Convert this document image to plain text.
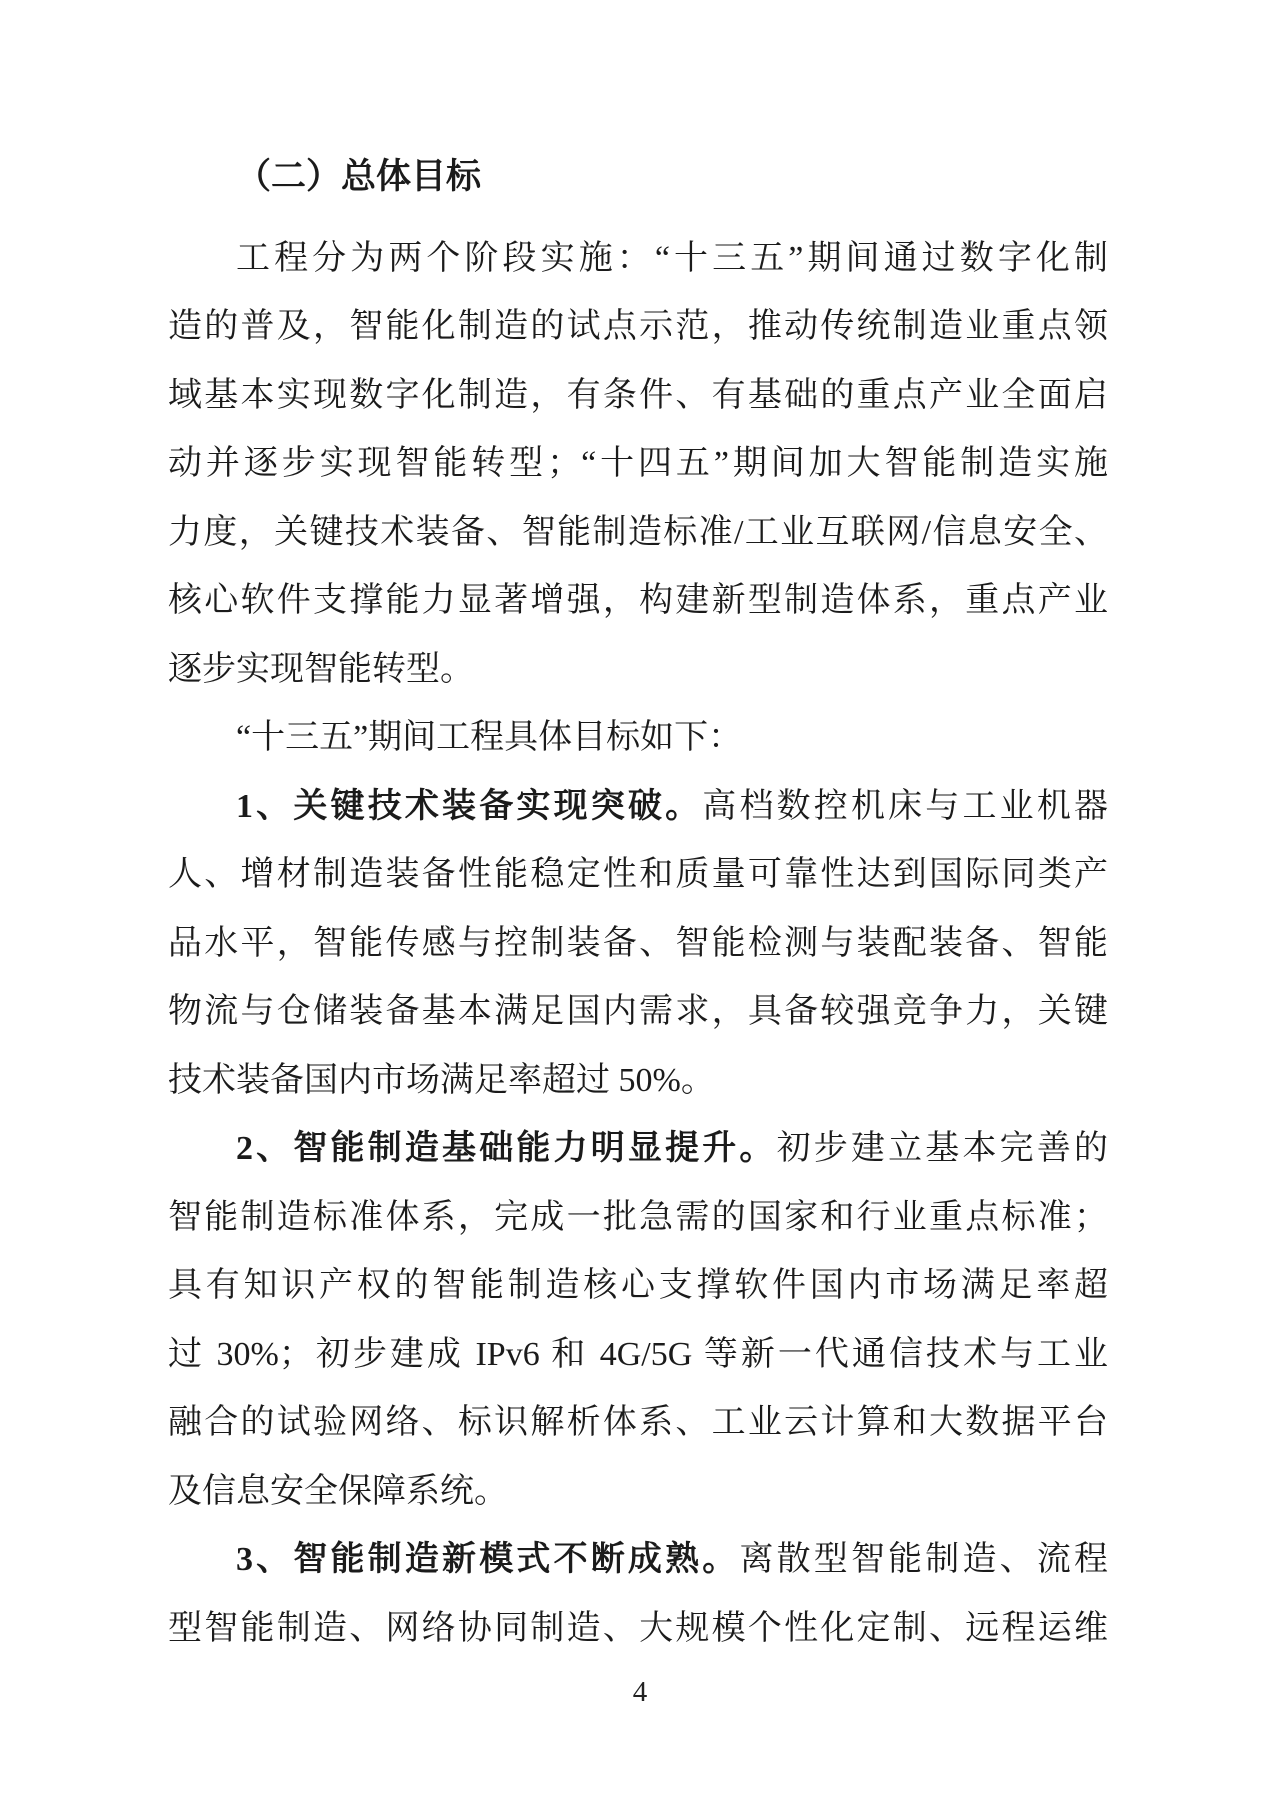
（二）总体目标
工程分为两个阶段实施：“十三五”期间通过数字化制
造的普及，智能化制造的试点示范，推动传统制造业重点领
域基本实现数字化制造，有条件、有基础的重点产业全面启
动并逐步实现智能转型；“十四五”期间加大智能制造实施
力度，关键技术装备、智能制造标准/工业互联网/信息安全、
核心软件支撑能力显著增强，构建新型制造体系，重点产业
逐步实现智能转型。
“十三五”期间工程具体目标如下：
1、关键技术装备实现突破。高档数控机床与工业机器
人、增材制造装备性能稳定性和质量可靠性达到国际同类产
品水平，智能传感与控制装备、智能检测与装配装备、智能
物流与仓储装备基本满足国内需求，具备较强竞争力，关键
技术装备国内市场满足率超过 50%。
2、智能制造基础能力明显提升。初步建立基本完善的
智能制造标准体系，完成一批急需的国家和行业重点标准；
具有知识产权的智能制造核心支撑软件国内市场满足率超
过 30%；初步建成 IPv6 和 4G/5G 等新一代通信技术与工业
融合的试验网络、标识解析体系、工业云计算和大数据平台
及信息安全保障系统。
3、智能制造新模式不断成熟。离散型智能制造、流程
型智能制造、网络协同制造、大规模个性化定制、远程运维
4
